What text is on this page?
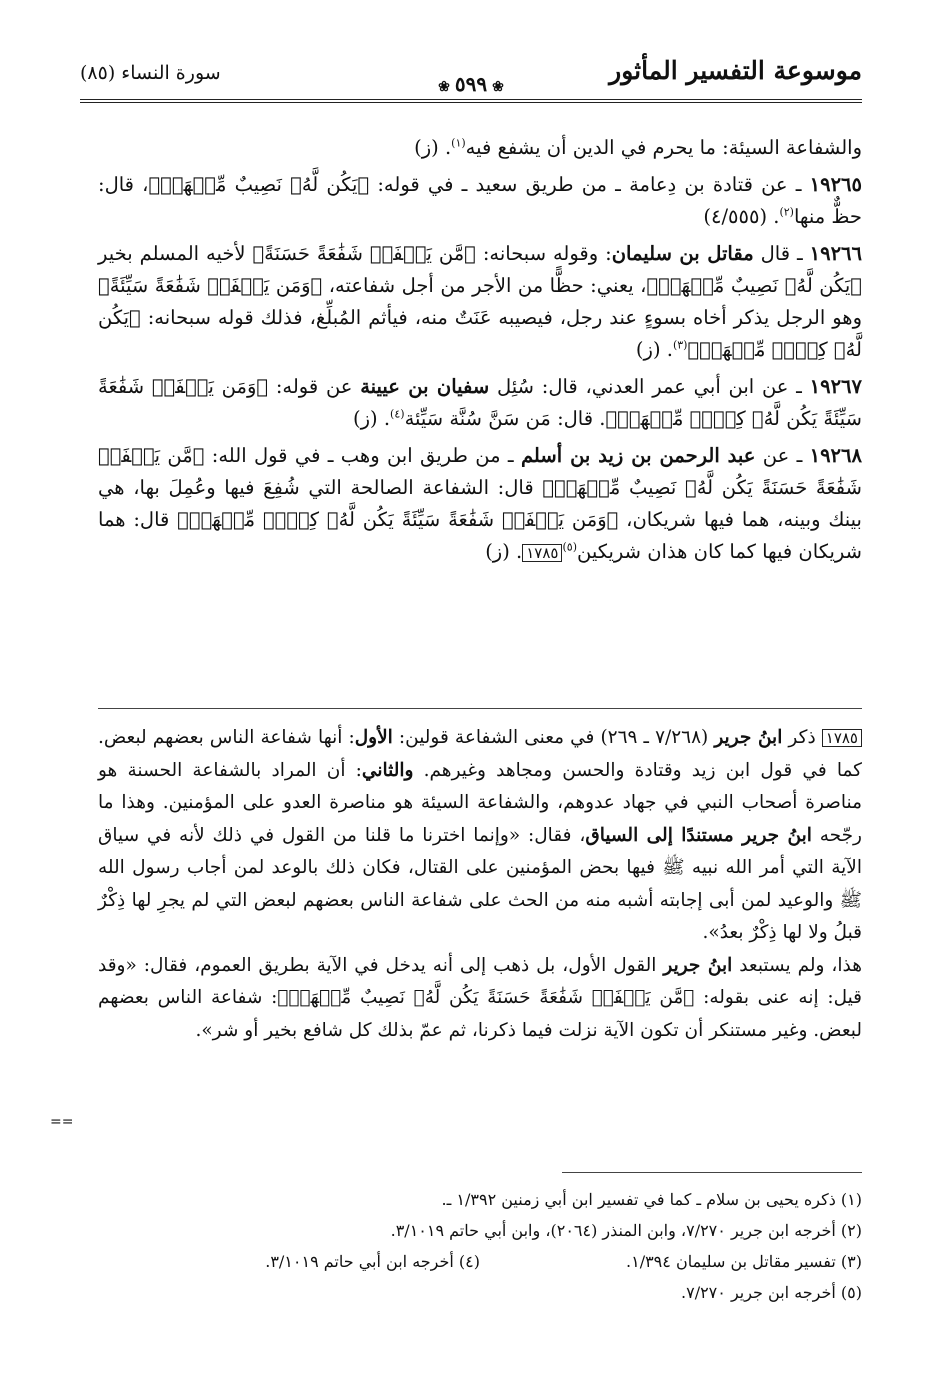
موسوعة التفسير المأثور
❀٥٩٩❀
سورة النساء (٨٥)

والشفاعة السيئة: ما يحرم في الدين أن يشفع فيه$^{(١)}$. (ز)

١٩٢٦٥ ـ عن قتادة بن دِعامة ـ من طريق سعيد ـ في قوله: ﴿يَكُن لَّهُۥ نَصِيبٌ مِّنۡهَاۖ﴾، قال: حظٌّ منها$^{(٢)}$. (٤/٥٥٥)

١٩٢٦٦ ـ قال مقاتل بن سليمان: وقوله سبحانه: ﴿مَّن يَشۡفَعۡ شَفَٰعَةً حَسَنَةً﴾ لأخيه المسلم بخير ﴿يَكُن لَّهُۥ نَصِيبٌ مِّنۡهَاۖ﴾، يعني: حظًّا من الأجر من أجل شفاعته، ﴿وَمَن يَشۡفَعۡ شَفَٰعَةً سَيِّئَةً﴾ وهو الرجل يذكر أخاه بسوءٍ عند رجل، فيصيبه عَنَتٌ منه، فيأثم المُبلِّغ، فذلك قوله سبحانه: ﴿يَكُن لَّهُۥ كِفۡلٞ مِّنۡهَاۗ﴾$^{(٣)}$. (ز)

١٩٢٦٧ ـ عن ابن أبي عمر العدني، قال: سُئِل سفيان بن عيينة عن قوله: ﴿وَمَن يَشۡفَعۡ شَفَٰعَةً سَيِّئَةً يَكُن لَّهُۥ كِفۡلٞ مِّنۡهَاۗ﴾. قال: مَن سَنَّ سُنَّة سَيِّئة$^{(٤)}$. (ز)

١٩٢٦٨ ـ عن عبد الرحمن بن زيد بن أسلم ـ من طريق ابن وهب ـ في قول الله: ﴿مَّن يَشۡفَعۡ شَفَٰعَةً حَسَنَةً يَكُن لَّهُۥ نَصِيبٌ مِّنۡهَاۖ﴾ قال: الشفاعة الصالحة التي شُفِعَ فيها وعُمِلَ بها، هي بينك وبينه، هما فيها شريكان، ﴿وَمَن يَشۡفَعۡ شَفَٰعَةً سَيِّئَةً يَكُن لَّهُۥ كِفۡلٞ مِّنۡهَاۗ﴾ قال: هما شريكان فيها كما كان هذان شريكين$^{(٥)}$١٧٨٥. (ز)

١٧٨٥ ذكر ابنُ جرير (٧/٢٦٨ ـ ٢٦٩) في معنى الشفاعة قولين: الأول: أنها شفاعة الناس بعضهم لبعض. كما في قول ابن زيد وقتادة والحسن ومجاهد وغيرهم. والثاني: أن المراد بالشفاعة الحسنة هو مناصرة أصحاب النبي في جهاد عدوهم، والشفاعة السيئة هو مناصرة العدو على المؤمنين. وهذا ما رجّحه ابنُ جرير مستندًا إلى السياق، فقال: «وإنما اخترنا ما قلنا من القول في ذلك لأنه في سياق الآية التي أمر الله نبيه ﷺ فيها بحض المؤمنين على القتال، فكان ذلك بالوعد لمن أجاب رسول الله ﷺ والوعيد لمن أبى إجابته أشبه منه من الحث على شفاعة الناس بعضهم لبعض التي لم يجرِ لها ذِكْرٌ قبلُ ولا لها ذِكْرٌ بعدُ».

هذا، ولم يستبعد ابنُ جرير القول الأول، بل ذهب إلى أنه يدخل في الآية بطريق العموم، فقال: «وقد قيل: إنه عنى بقوله: ﴿مَّن يَشۡفَعۡ شَفَٰعَةً حَسَنَةً يَكُن لَّهُۥ نَصِيبٌ مِّنۡهَاۖ﴾: شفاعة الناس بعضهم لبعض. وغير مستنكر أن تكون الآية نزلت فيما ذكرنا، ثم عمّ بذلك كل شافع بخير أو شر».

(١) ذكره يحيى بن سلام ـ كما في تفسير ابن أبي زمنين ١/٣٩٢ ـ.

(٢) أخرجه ابن جرير ٧/٢٧٠، وابن المنذر (٢٠٦٤)، وابن أبي حاتم ٣/١٠١٩.

(٣) تفسير مقاتل بن سليمان ١/٣٩٤.

(٤) أخرجه ابن أبي حاتم ٣/١٠١٩.

(٥) أخرجه ابن جرير ٧/٢٧٠.

==
